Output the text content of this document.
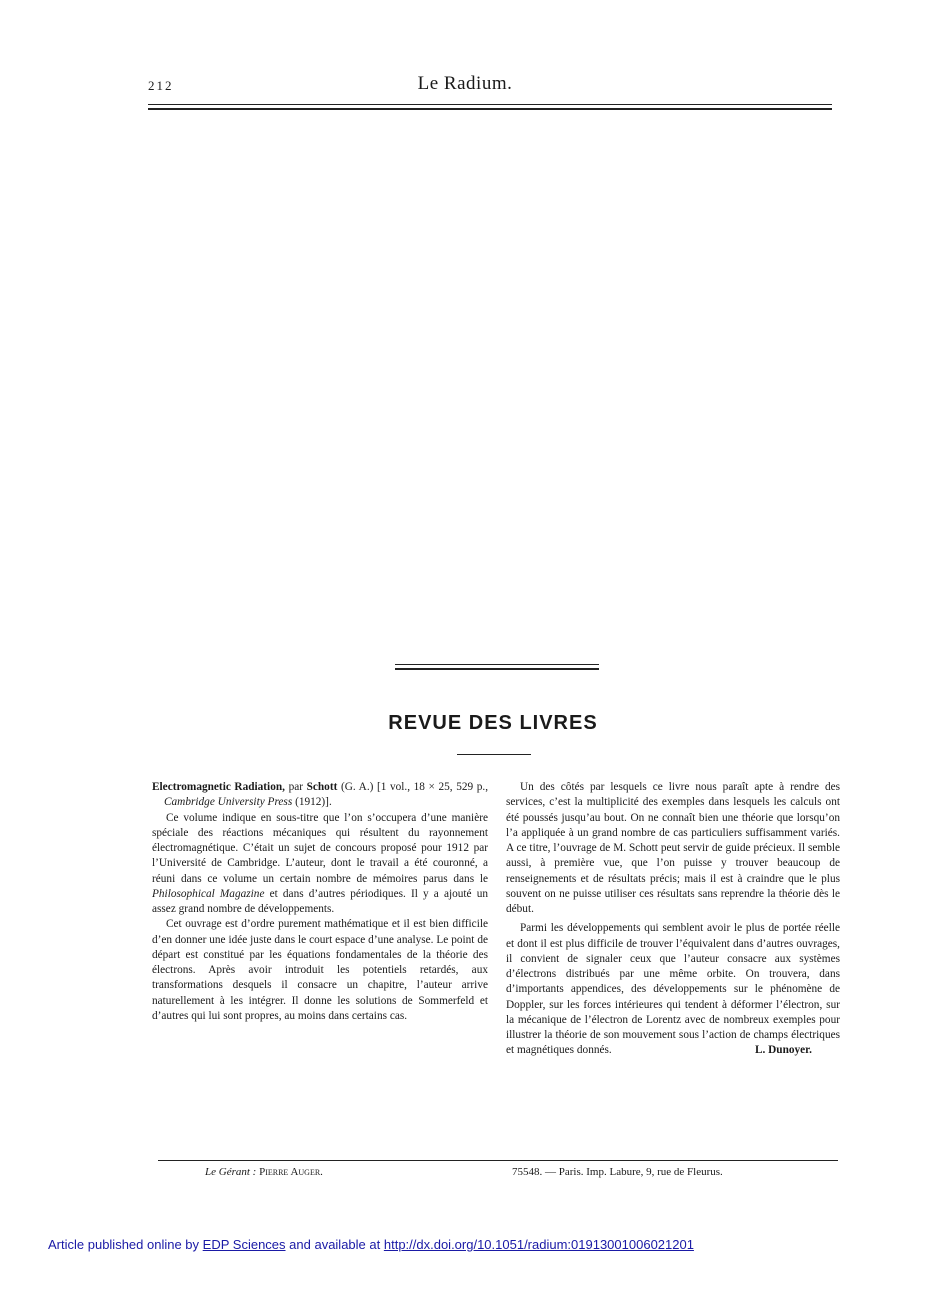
212	Le Radium.
REVUE DES LIVRES

Electromagnetic Radiation, par Schott (G. A.) [1 vol., 18 × 25, 529 p., Cambridge University Press (1912)].

Ce volume indique en sous-titre que l’on s’occupera d’une manière spéciale des réactions mécaniques qui résultent du rayonnement électromagnétique. C’était un sujet de concours proposé pour 1912 par l’Université de Cambridge. L’auteur, dont le travail a été couronné, a réuni dans ce volume un certain nombre de mémoires parus dans le Philosophical Magazine et dans d’autres périodiques. Il y a ajouté un assez grand nombre de développements.

Cet ouvrage est d’ordre purement mathématique et il est bien difficile d’en donner une idée juste dans le court espace d’une analyse. Le point de départ est constitué par les équations fondamentales de la théorie des électrons. Après avoir introduit les potentiels retardés, aux transformations desquels il consacre un chapitre, l’auteur arrive naturellement à les intégrer. Il donne les solutions de Sommerfeld et d’autres qui lui sont propres, au moins dans certains cas.

Un des côtés par lesquels ce livre nous paraît apte à rendre des services, c’est la multiplicité des exemples dans lesquels les calculs ont été poussés jusqu’au bout. On ne connaît bien une théorie que lorsqu’on l’a appliquée à un grand nombre de cas particuliers suffisamment variés. A ce titre, l’ouvrage de M. Schott peut servir de guide précieux. Il semble aussi, à première vue, que l’on puisse y trouver beaucoup de renseignements et de résultats précis; mais il est à craindre que le plus souvent on ne puisse utiliser ces résultats sans reprendre la théorie dès le début.

Parmi les développements qui semblent avoir le plus de portée réelle et dont il est plus difficile de trouver l’équivalent dans d’autres ouvrages, il convient de signaler ceux que l’auteur consacre aux systèmes d’électrons distribués par une même orbite. On trouvera, dans d’importants appendices, des développements sur le phénomène de Doppler, sur les forces intérieures qui tendent à déformer l’électron, sur la mécanique de l’électron de Lorentz avec de nombreux exemples pour illustrer la théorie de son mouvement sous l’action de champs électriques et magnétiques donnés.	L. Dunoyer.

Le Gérant : Pierre Auger.	75548. — Paris. Imp. Labure, 9, rue de Fleurus.
Article published online by EDP Sciences and available at http://dx.doi.org/10.1051/radium:01913001006021201
